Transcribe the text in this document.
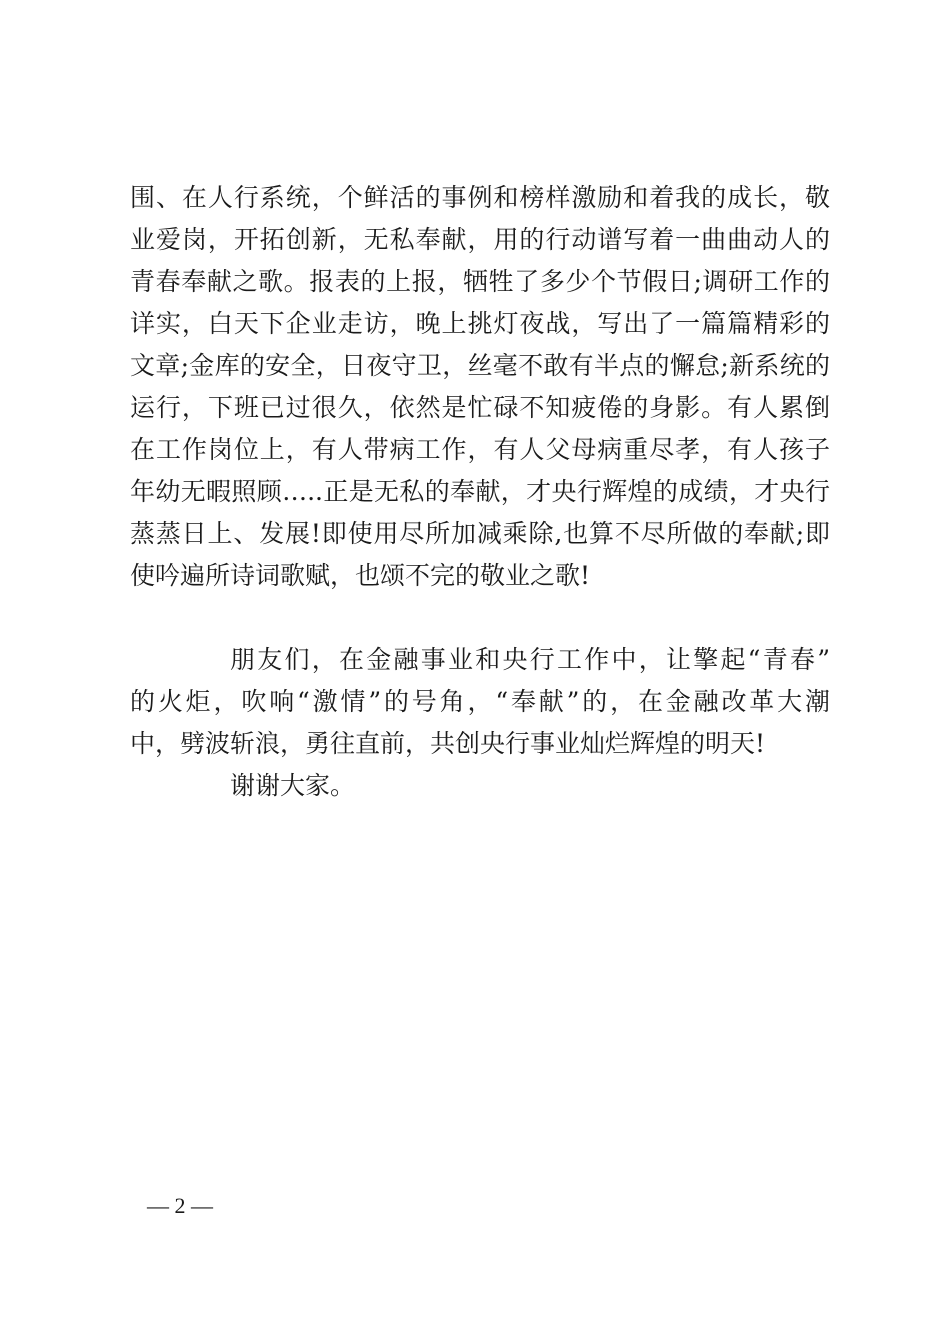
围、在人行系统，个鲜活的事例和榜样激励和着我的成长，敬
业爱岗，开拓创新，无私奉献，用的行动谱写着一曲曲动人的
青春奉献之歌。报表的上报，牺牲了多少个节假日;调研工作的
详实，白天下企业走访，晚上挑灯夜战，写出了一篇篇精彩的
文章;金库的安全，日夜守卫，丝毫不敢有半点的懈怠;新系统的
运行，下班已过很久，依然是忙碌不知疲倦的身影。有人累倒
在工作岗位上，有人带病工作，有人父母病重尽孝，有人孩子
年幼无暇照顾…..正是无私的奉献，才央行辉煌的成绩，才央行
蒸蒸日上、发展!即使用尽所加减乘除,也算不尽所做的奉献;即
使吟遍所诗词歌赋，也颂不完的敬业之歌!
朋友们，在金融事业和央行工作中，让擎起“青春”
的火炬，吹响“激情”的号角，“奉献”的，在金融改革大潮
中，劈波斩浪，勇往直前，共创央行事业灿烂辉煌的明天!
谢谢大家。
— 2 —
